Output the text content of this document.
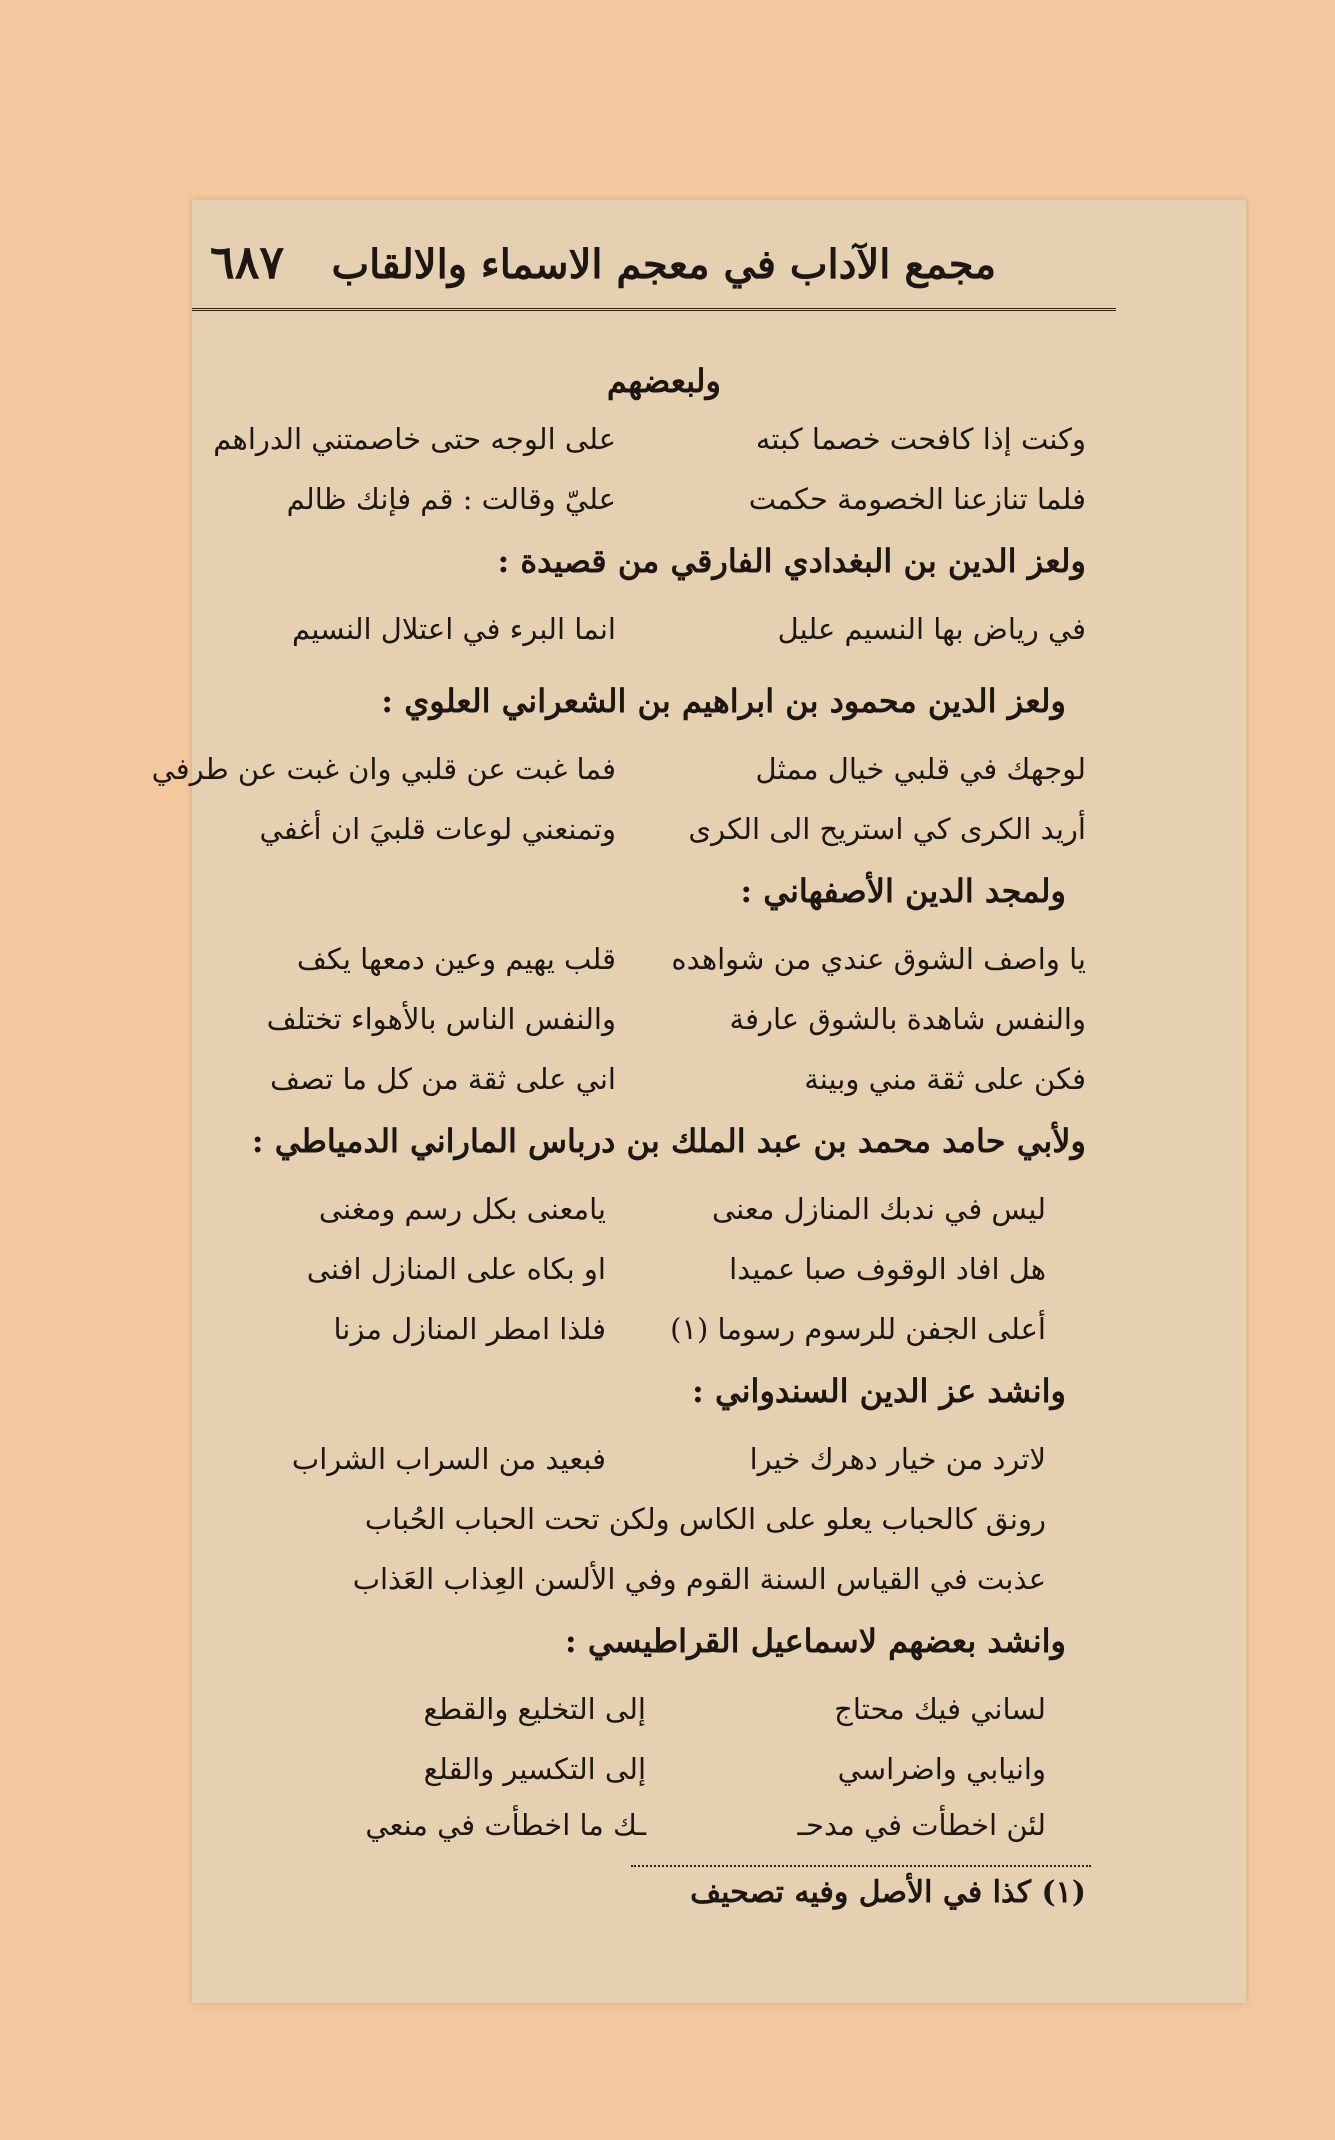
مجمع الآداب في معجم الاسماء والالقاب
٦٨٧
ولبعضهم
وكنت إذا كافحت خصما كبته
على الوجه حتى خاصمتني الدراهم
فلما تنازعنا الخصومة حكمت
عليّ وقالت : قم فإنك ظالم
ولعز الدين بن البغدادي الفارقي من قصيدة :
في رياض بها النسيم عليل
انما البرء في اعتلال النسيم
ولعز الدين محمود بن ابراهيم بن الشعراني العلوي :
لوجهك في قلبي خيال ممثل
فما غبت عن قلبي وان غبت عن طرفي
أريد الكرى كي استريح الى الكرى
وتمنعني لوعات قلبيَ ان أغفي
ولمجد الدين الأصفهاني :
يا واصف الشوق عندي من شواهده
قلب يهيم وعين دمعها يكف
والنفس شاهدة بالشوق عارفة
والنفس الناس بالأهواء تختلف
فكن على ثقة مني وبينة
اني على ثقة من كل ما تصف
ولأبي حامد محمد بن عبد الملك بن درباس الماراني الدمياطي :
ليس في ندبك المنازل معنى
يامعنى بكل رسم ومغنى
هل افاد الوقوف صبا عميدا
او بكاه على المنازل افنى
أعلى الجفن للرسوم رسوما (١)
فلذا امطر المنازل مزنا
وانشد عز الدين السندواني :
لاترد من خيار دهرك خيرا
فبعيد من السراب الشراب
رونق كالحباب يعلو على الكاس ولكن تحت الحباب الحُباب
عذبت في القياس السنة القوم وفي الألسن العِذاب العَذاب
وانشد بعضهم لاسماعيل القراطيسي :
لساني فيك محتاج
إلى التخليع والقطع
وانيابي واضراسي
إلى التكسير والقلع
لئن اخطأت في مدحـ
ـك ما اخطأت في منعي
(١) كذا في الأصل وفيه تصحيف
